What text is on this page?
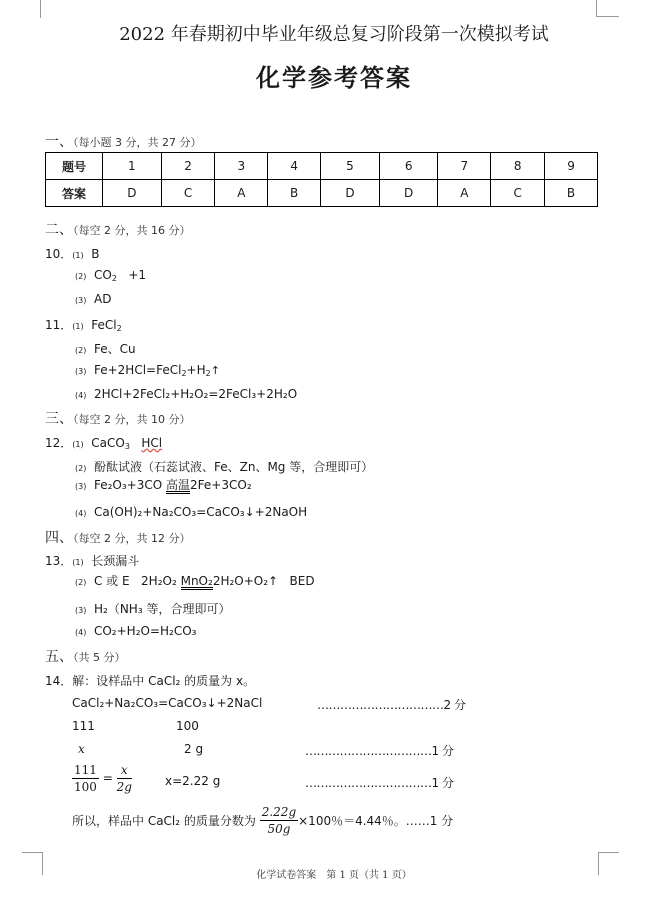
2022 年春期初中毕业年级总复习阶段第一次模拟考试
化学参考答案
一、（每小题 3 分，共 27 分）
题号	1	2	3	4	5	6	7	8	9
答案	D	C	A	B	D	D	A	C	B
二、（每空 2 分，共 16 分）
10．(1) B
(2) $CO_2 +1$
(3) AD
11．(1) FeCl$_2$
(2) Fe、Cu
(3) $Fe+2HCl=FeCl_2+H_2↑$
(4) 2HCl+2FeCl₂+H₂O₂=2FeCl₃+2H₂O
三、（每空 2 分，共 10 分）
12．(1) CaCO$_3$ HCl
(2) 酚酞试液（石蕊试液、Fe、Zn、Mg 等，合理即可）
(3) Fe₂O₃+3CO 高温 2Fe+3CO₂
(4) Ca(OH)₂+Na₂CO₃=CaCO₃↓+2NaOH
四、（每空 2 分，共 12 分）
13．(1) 长颈漏斗
(2) C 或 E 2H₂O₂ MnO₂ 2H₂O+O₂↑ BED
(3) H₂（NH₃ 等，合理即可）
(4) CO₂+H₂O=H₂CO₃
五、（共 5 分）
14．解：设样品中 CaCl₂ 的质量为 x。
CaCl₂+Na₂CO₃=CaCO₃↓+2NaCl	……………………………2 分
111	100
x	2 g	……………………………1 分
$\frac{111}{100} = \frac{x}{2g}$	x=2.22 g	……………………………1 分
所以，样品中 CaCl₂ 的质量分数为 $\frac{2.22g}{50g} \times 100$％＝4.44％。……1 分
化学试卷答案　第 1 页（共 1 页）
